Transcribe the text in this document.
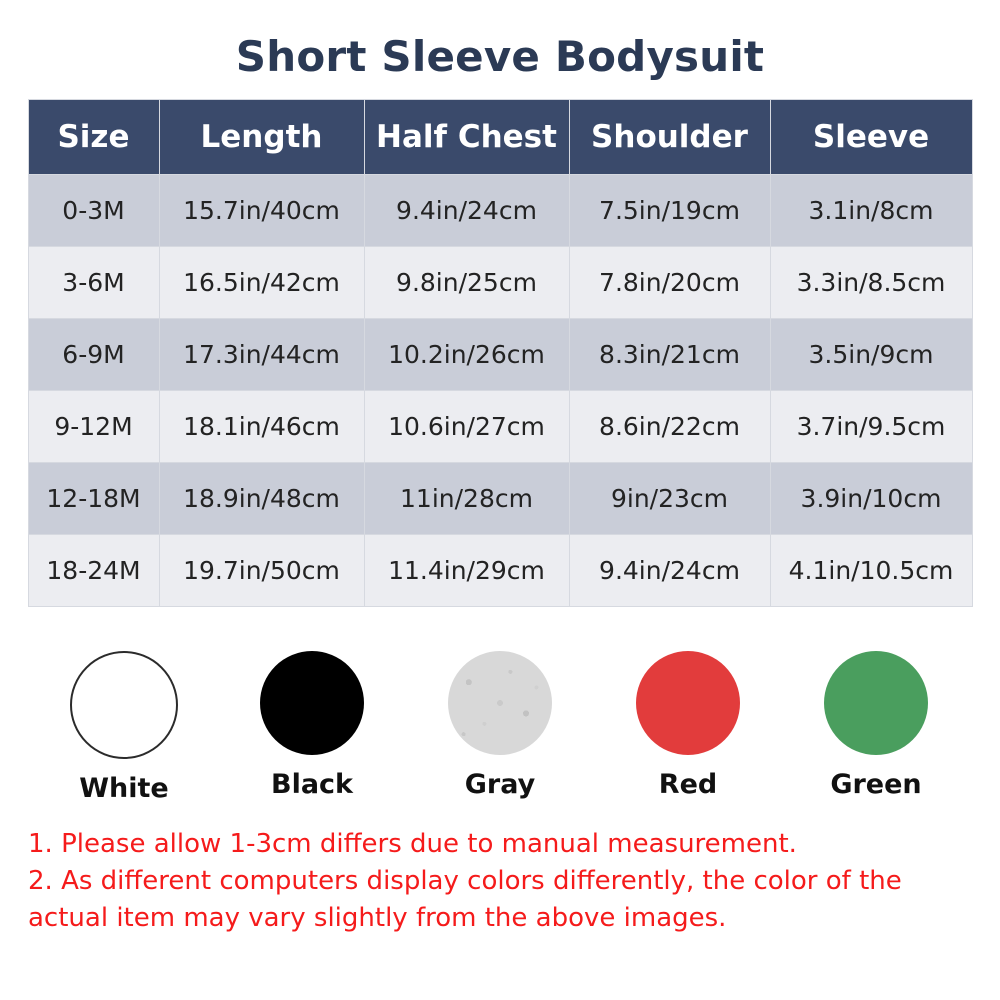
Short Sleeve Bodysuit
Size	Length	Half Chest	Shoulder	Sleeve
0-3M	15.7in/40cm	9.4in/24cm	7.5in/19cm	3.1in/8cm
3-6M	16.5in/42cm	9.8in/25cm	7.8in/20cm	3.3in/8.5cm
6-9M	17.3in/44cm	10.2in/26cm	8.3in/21cm	3.5in/9cm
9-12M	18.1in/46cm	10.6in/27cm	8.6in/22cm	3.7in/9.5cm
12-18M	18.9in/48cm	11in/28cm	9in/23cm	3.9in/10cm
18-24M	19.7in/50cm	11.4in/29cm	9.4in/24cm	4.1in/10.5cm
White	Black	Gray	Red	Green
1. Please allow 1-3cm differs due to manual measurement.
2. As different computers display colors differently, the color of the actual item may vary slightly from the above images.
